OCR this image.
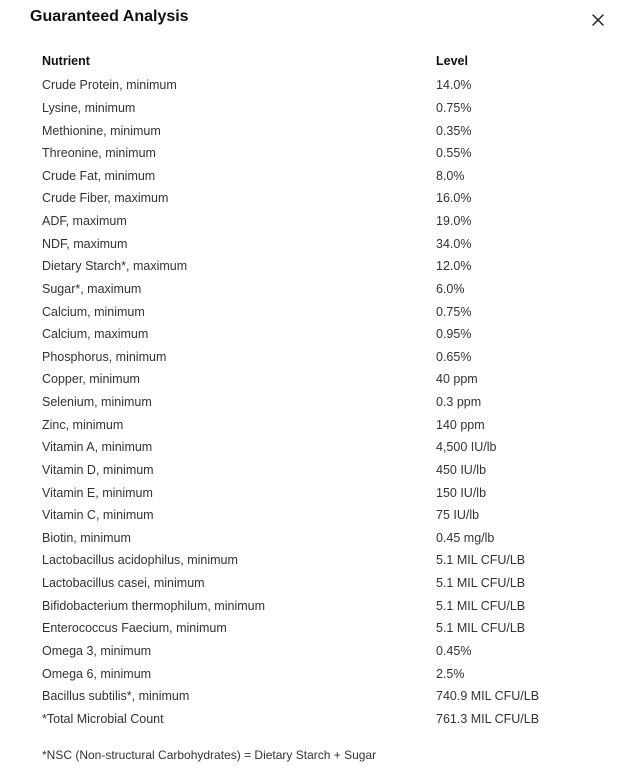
Guaranteed Analysis
Nutrient	Level
Crude Protein, minimum	14.0%
Lysine, minimum	0.75%
Methionine, minimum	0.35%
Threonine, minimum	0.55%
Crude Fat, minimum	8.0%
Crude Fiber, maximum	16.0%
ADF, maximum	19.0%
NDF, maximum	34.0%
Dietary Starch*, maximum	12.0%
Sugar*, maximum	6.0%
Calcium, minimum	0.75%
Calcium, maximum	0.95%
Phosphorus, minimum	0.65%
Copper, minimum	40 ppm
Selenium, minimum	0.3 ppm
Zinc, minimum	140 ppm
Vitamin A, minimum	4,500 IU/lb
Vitamin D, minimum	450 IU/lb
Vitamin E, minimum	150 IU/lb
Vitamin C, minimum	75 IU/lb
Biotin, minimum	0.45 mg/lb
Lactobacillus acidophilus, minimum	5.1 MIL CFU/LB
Lactobacillus casei, minimum	5.1 MIL CFU/LB
Bifidobacterium thermophilum, minimum	5.1 MIL CFU/LB
Enterococcus Faecium, minimum	5.1 MIL CFU/LB
Omega 3, minimum	0.45%
Omega 6, minimum	2.5%
Bacillus subtilis*, minimum	740.9 MIL CFU/LB
*Total Microbial Count	761.3 MIL CFU/LB

*NSC (Non-structural Carbohydrates) = Dietary Starch + Sugar
